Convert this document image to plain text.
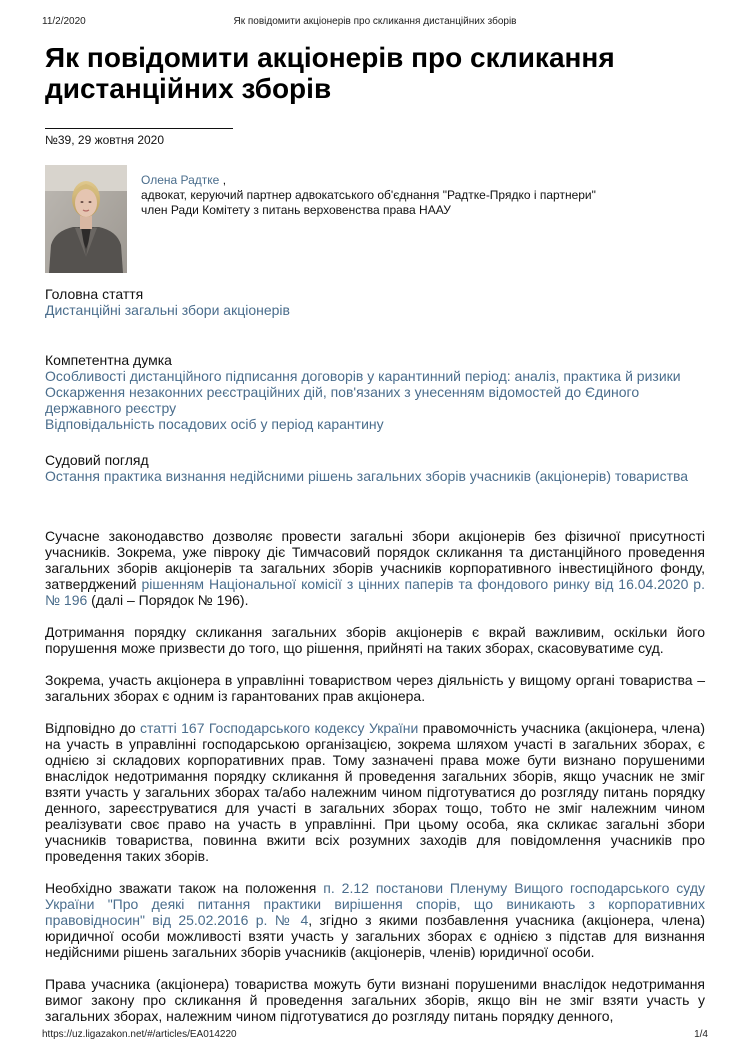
11/2/2020	Як повідомити акціонерів про скликання дистанційних зборів
Як повідомити акціонерів про скликання дистанційних зборів
№39, 29 жовтня 2020
Олена Радтке ,
адвокат, керуючий партнер адвокатського об'єднання "Радтке-Прядко і партнери"
член Ради Комітету з питань верховенства права НААУ
Головна стаття
Дистанційні загальні збори акціонерів
Компетентна думка
Особливості дистанційного підписання договорів у карантинний період: аналіз, практика й ризики
Оскарження незаконних реєстраційних дій, пов'язаних з унесенням відомостей до Єдиного державного реєстру
Відповідальність посадових осіб у період карантину
Судовий погляд
Остання практика визнання недійсними рішень загальних зборів учасників (акціонерів) товариства

Сучасне законодавство дозволяє провести загальні збори акціонерів без фізичної присутності учасників. Зокрема, уже півроку діє Тимчасовий порядок скликання та дистанційного проведення загальних зборів акціонерів та загальних зборів учасників корпоративного інвестиційного фонду, затверджений рішенням Національної комісії з цінних паперів та фондового ринку від 16.04.2020 р. № 196 (далі – Порядок № 196).

Дотримання порядку скликання загальних зборів акціонерів є вкрай важливим, оскільки його порушення може призвести до того, що рішення, прийняті на таких зборах, скасовуватиме суд.

Зокрема, участь акціонера в управлінні товариством через діяльність у вищому органі товариства – загальних зборах є одним із гарантованих прав акціонера.

Відповідно до статті 167 Господарського кодексу України правомочність учасника (акціонера, члена) на участь в управлінні господарською організацією, зокрема шляхом участі в загальних зборах, є однією зі складових корпоративних прав. Тому зазначені права може бути визнано порушеними внаслідок недотримання порядку скликання й проведення загальних зборів, якщо учасник не зміг взяти участь у загальних зборах та/або належним чином підготуватися до розгляду питань порядку денного, зареєструватися для участі в загальних зборах тощо, тобто не зміг належним чином реалізувати своє право на участь в управлінні. При цьому особа, яка скликає загальні збори учасників товариства, повинна вжити всіх розумних заходів для повідомлення учасників про проведення таких зборів.

Необхідно зважати також на положення п. 2.12 постанови Пленуму Вищого господарського суду України "Про деякі питання практики вирішення спорів, що виникають з корпоративних правовідносин" від 25.02.2016 р. № 4, згідно з якими позбавлення учасника (акціонера, члена) юридичної особи можливості взяти участь у загальних зборах є однією з підстав для визнання недійсними рішень загальних зборів учасників (акціонерів, членів) юридичної особи.

Права учасника (акціонера) товариства можуть бути визнані порушеними внаслідок недотримання вимог закону про скликання й проведення загальних зборів, якщо він не зміг взяти участь у загальних зборах, належним чином підготуватися до розгляду питань порядку денного,

https://uz.ligazakon.net/#/articles/EA014220	1/4
